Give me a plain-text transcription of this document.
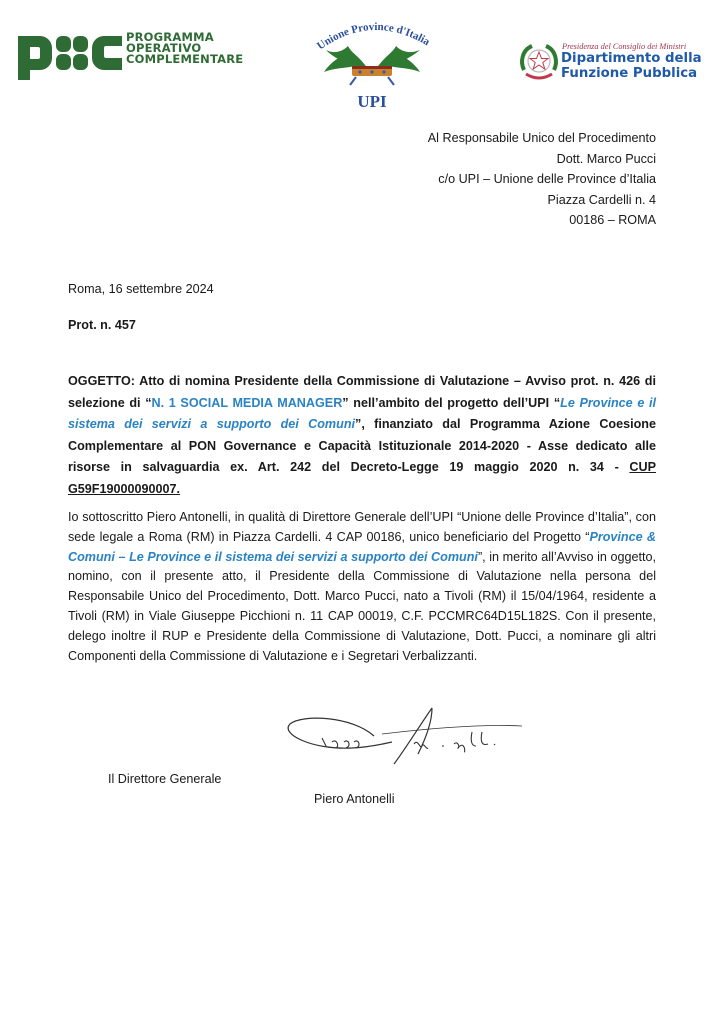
PROGRAMMA
OPERATIVO
COMPLEMENTARE
Unione Province d'Italia
UPI
Presidenza del Consiglio dei Ministri
Dipartimento della
Funzione Pubblica
Al Responsabile Unico del Procedimento
Dott. Marco Pucci
c/o UPI – Unione delle Province d’Italia
Piazza Cardelli n. 4
00186 – ROMA
Roma, 16 settembre 2024
Prot. n. 457
OGGETTO: Atto di nomina Presidente della Commissione di Valutazione – Avviso prot. n. 426 di selezione di “N. 1 SOCIAL MEDIA MANAGER” nell’ambito del progetto dell’UPI “Le Province e il sistema dei servizi a supporto dei Comuni”, finanziato dal Programma Azione Coesione Complementare al PON Governance e Capacità Istituzionale 2014-2020 - Asse dedicato alle risorse in salvaguardia ex. Art. 242 del Decreto-Legge 19 maggio 2020 n. 34 - CUP G59F19000090007.
Io sottoscritto Piero Antonelli, in qualità di Direttore Generale dell’UPI “Unione delle Province d’Italia”, con sede legale a Roma (RM) in Piazza Cardelli. 4 CAP 00186, unico beneficiario del Progetto “Province & Comuni – Le Province e il sistema dei servizi a supporto dei Comuni”, in merito all’Avviso in oggetto, nomino, con il presente atto, il Presidente della Commissione di Valutazione nella persona del Responsabile Unico del Procedimento, Dott. Marco Pucci, nato a Tivoli (RM) il 15/04/1964, residente a Tivoli (RM) in Viale Giuseppe Picchioni n. 11 CAP 00019, C.F. PCCMRC64D15L182S. Con il presente, delego inoltre il RUP e Presidente della Commissione di Valutazione, Dott. Pucci, a nominare gli altri Componenti della Commissione di Valutazione e i Segretari Verbalizzanti.
Il Direttore Generale
Piero Antonelli
